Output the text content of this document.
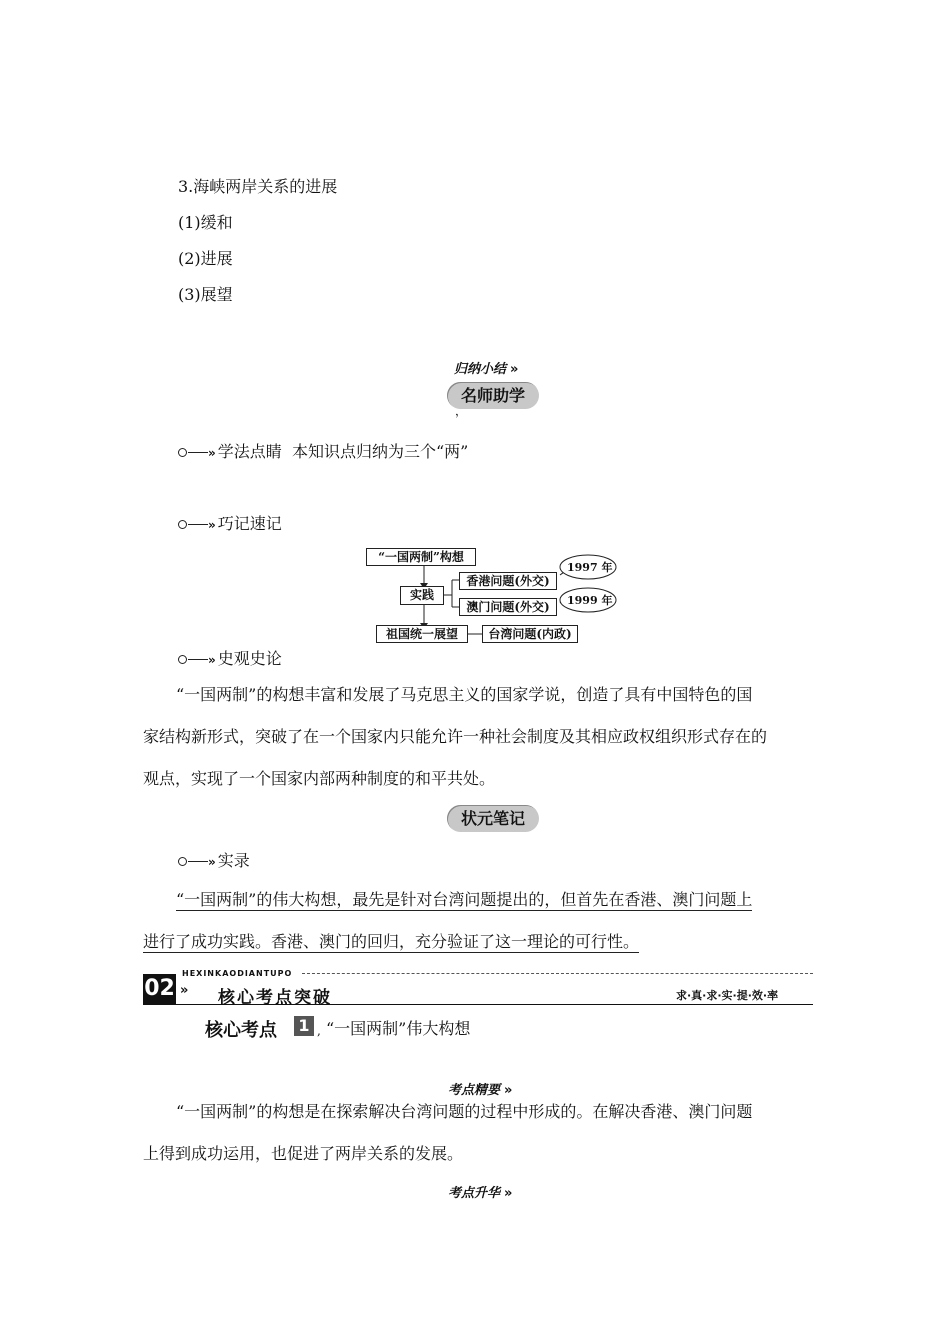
3.海峡两岸关系的进展
(1)缓和
(2)进展
(3)展望
归纳小结 »
名师助学
，
» 学法点睛 本知识点归纳为三个“两”
» 巧记速记
“一国两制”构想
实践
香港问题(外交)
澳门问题(外交)
祖国统一展望	台湾问题(内政)
1997 年
1999 年
» 史观史论
“一国两制”的构想丰富和发展了马克思主义的国家学说，创造了具有中国特色的国
家结构新形式，突破了在一个国家内只能允许一种社会制度及其相应政权组织形式存在的
观点，实现了一个国家内部两种制度的和平共处。
状元笔记
» 实录
“一国两制”的伟大构想，最先是针对台湾问题提出的，但首先在香港、澳门问题上
进行了成功实践。香港、澳门的回归，充分验证了这一理论的可行性。
02
HEXINKAODIANTUPO
» 核心考点突破	求·真·求·实·提·效·率
核心考点 1 , “一国两制”伟大构想
考点精要 »
“一国两制”的构想是在探索解决台湾问题的过程中形成的。在解决香港、澳门问题
上得到成功运用，也促进了两岸关系的发展。
考点升华 »
